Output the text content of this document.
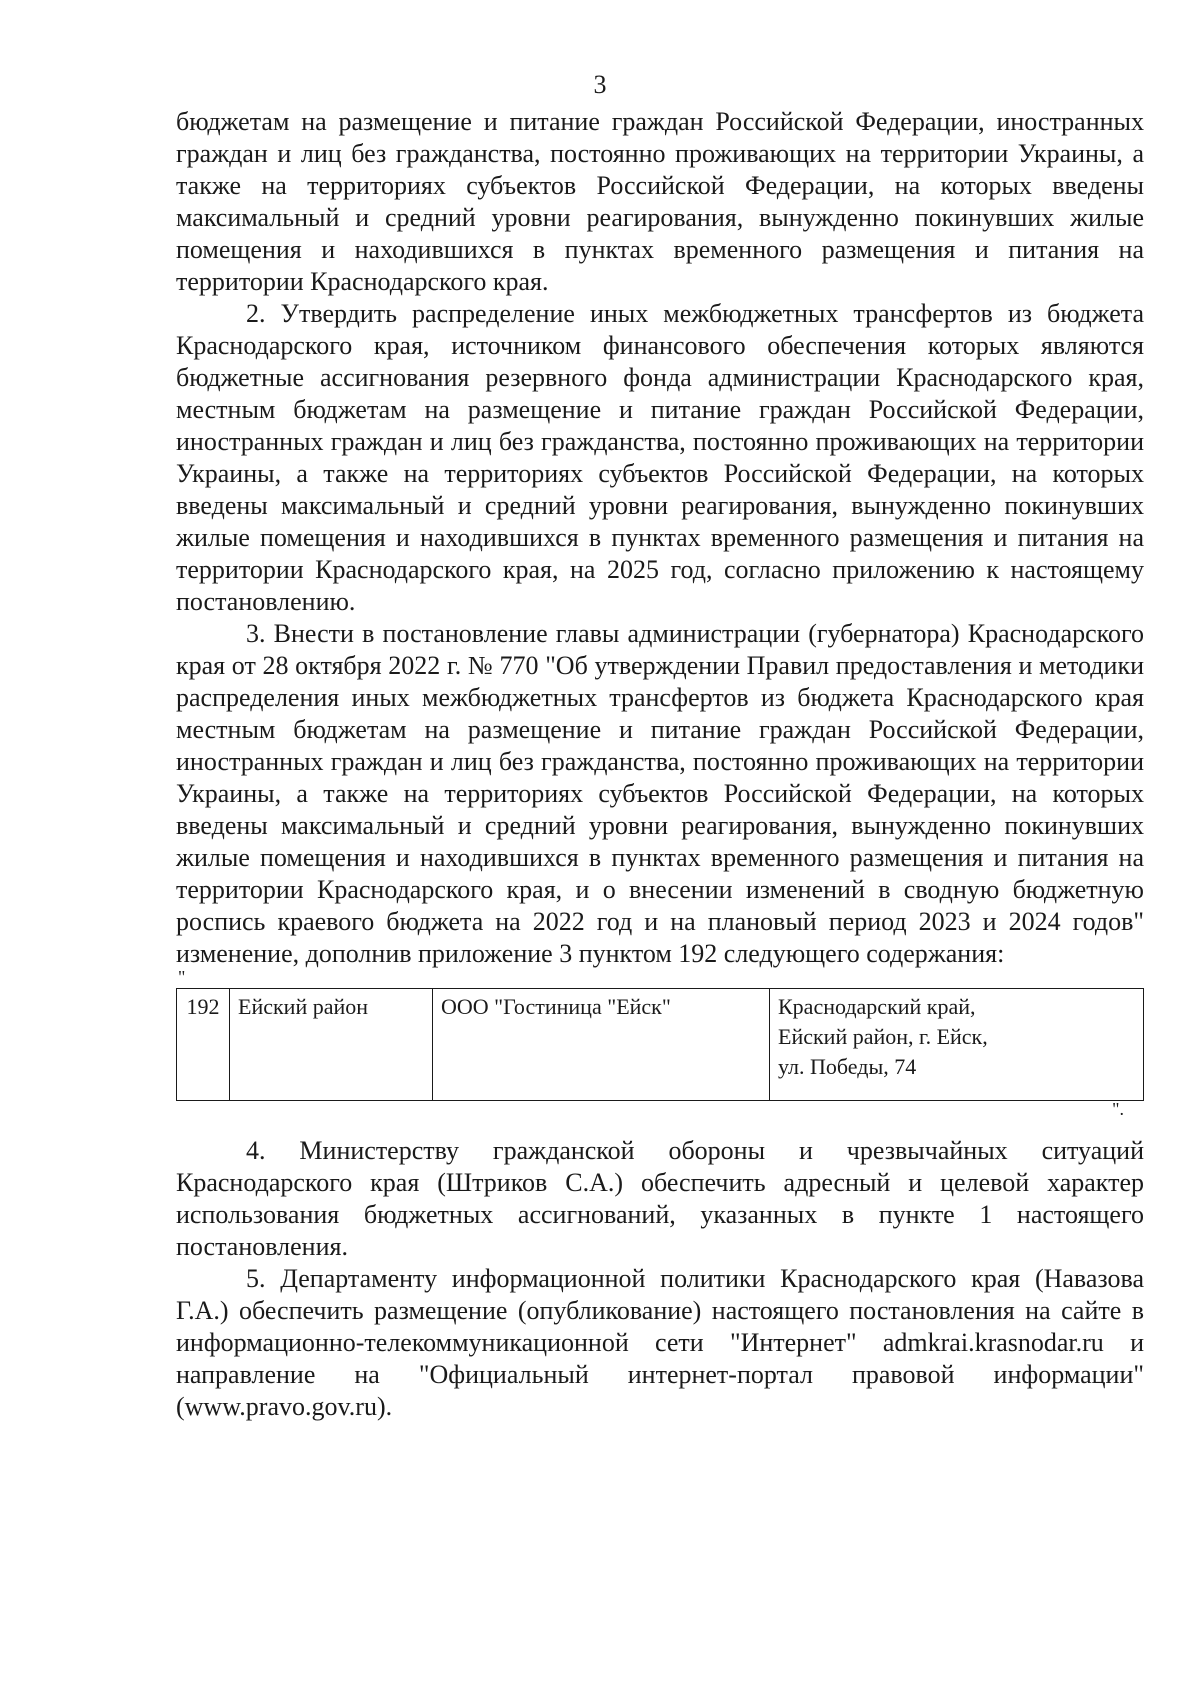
3

бюджетам на размещение и питание граждан Российской Федерации, иностранных граждан и лиц без гражданства, постоянно проживающих на территории Украины, а также на территориях субъектов Российской Федерации, на которых введены максимальный и средний уровни реагирования, вынужденно покинувших жилые помещения и находившихся в пунктах временного размещения и питания на территории Краснодарского края.

2. Утвердить распределение иных межбюджетных трансфертов из бюджета Краснодарского края, источником финансового обеспечения которых являются бюджетные ассигнования резервного фонда администрации Краснодарского края, местным бюджетам на размещение и питание граждан Российской Федерации, иностранных граждан и лиц без гражданства, постоянно проживающих на территории Украины, а также на территориях субъектов Российской Федерации, на которых введены максимальный и средний уровни реагирования, вынужденно покинувших жилые помещения и находившихся в пунктах временного размещения и питания на территории Краснодарского края, на 2025 год, согласно приложению к настоящему постановлению.

3. Внести в постановление главы администрации (губернатора) Краснодарского края от 28 октября 2022 г. № 770 "Об утверждении Правил предоставления и методики распределения иных межбюджетных трансфертов из бюджета Краснодарского края местным бюджетам на размещение и питание граждан Российской Федерации, иностранных граждан и лиц без гражданства, постоянно проживающих на территории Украины, а также на территориях субъектов Российской Федерации, на которых введены максимальный и средний уровни реагирования, вынужденно покинувших жилые помещения и находившихся в пунктах временного размещения и питания на территории Краснодарского края, и о внесении изменений в сводную бюджетную роспись краевого бюджета на 2022 год и на плановый период 2023 и 2024 годов" изменение, дополнив приложение 3 пунктом 192 следующего содержания:

"

192	Ейский район	ООО "Гостиница "Ейск"	Краснодарский край,
Ейский район, г. Ейск,
ул. Победы, 74

".

4. Министерству гражданской обороны и чрезвычайных ситуаций Краснодарского края (Штриков С.А.) обеспечить адресный и целевой характер использования бюджетных ассигнований, указанных в пункте 1 настоящего постановления.

5. Департаменту информационной политики Краснодарского края (Навазова Г.А.) обеспечить размещение (опубликование) настоящего постановления на сайте в информационно-телекоммуникационной сети "Интернет" admkrai.krasnodar.ru и направление на "Официальный интернет-портал правовой информации" (www.pravo.gov.ru).
